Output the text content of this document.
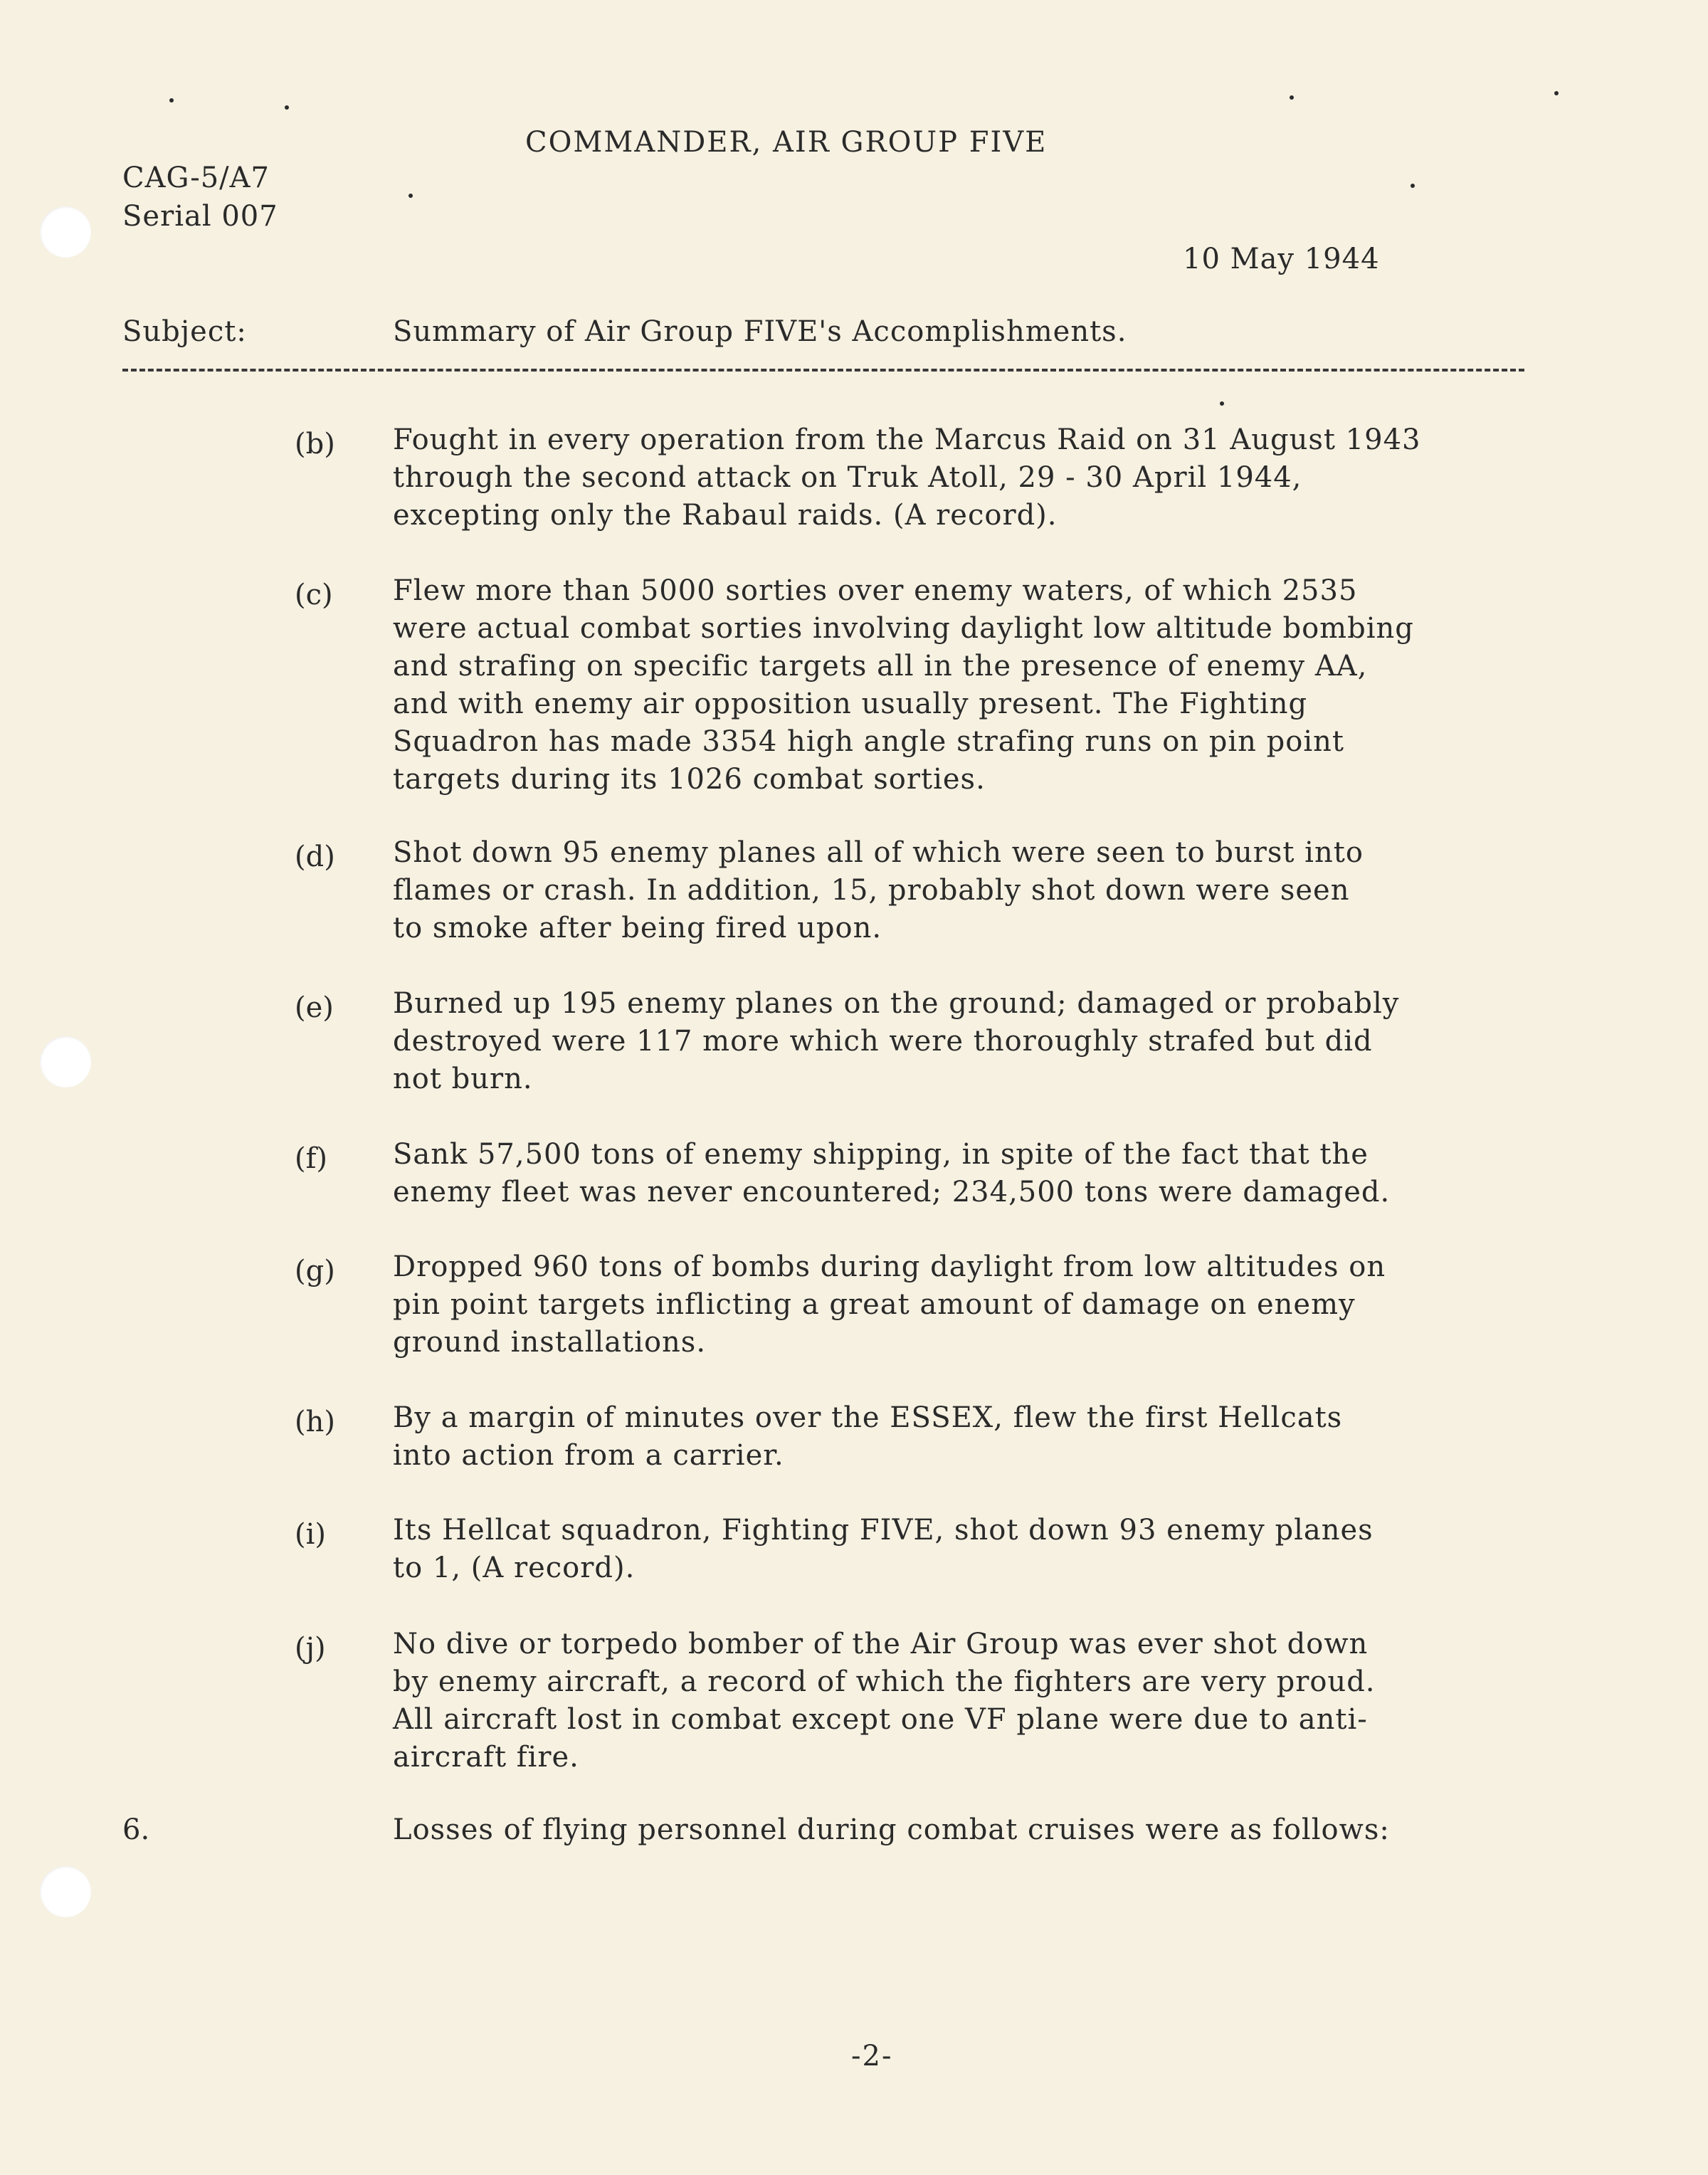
COMMANDER, AIR GROUP FIVE
CAG-5/A7
Serial 007
10 May 1944
Subject:	Summary of Air Group FIVE's Accomplishments.
(b) Fought in every operation from the Marcus Raid on 31 August 1943
through the second attack on Truk Atoll, 29 - 30 April 1944,
excepting only the Rabaul raids. (A record).
(c) Flew more than 5000 sorties over enemy waters, of which 2535
were actual combat sorties involving daylight low altitude bombing
and strafing on specific targets all in the presence of enemy AA,
and with enemy air opposition usually present. The Fighting
Squadron has made 3354 high angle strafing runs on pin point
targets during its 1026 combat sorties.
(d) Shot down 95 enemy planes all of which were seen to burst into
flames or crash. In addition, 15, probably shot down were seen
to smoke after being fired upon.
(e) Burned up 195 enemy planes on the ground; damaged or probably
destroyed were 117 more which were thoroughly strafed but did
not burn.
(f) Sank 57,500 tons of enemy shipping, in spite of the fact that the
enemy fleet was never encountered; 234,500 tons were damaged.
(g) Dropped 960 tons of bombs during daylight from low altitudes on
pin point targets inflicting a great amount of damage on enemy
ground installations.
(h) By a margin of minutes over the ESSEX, flew the first Hellcats
into action from a carrier.
(i) Its Hellcat squadron, Fighting FIVE, shot down 93 enemy planes
to 1, (A record).
(j) No dive or torpedo bomber of the Air Group was ever shot down
by enemy aircraft, a record of which the fighters are very proud.
All aircraft lost in combat except one VF plane were due to anti-
aircraft fire.
6.	Losses of flying personnel during combat cruises were as follows:
-2-
